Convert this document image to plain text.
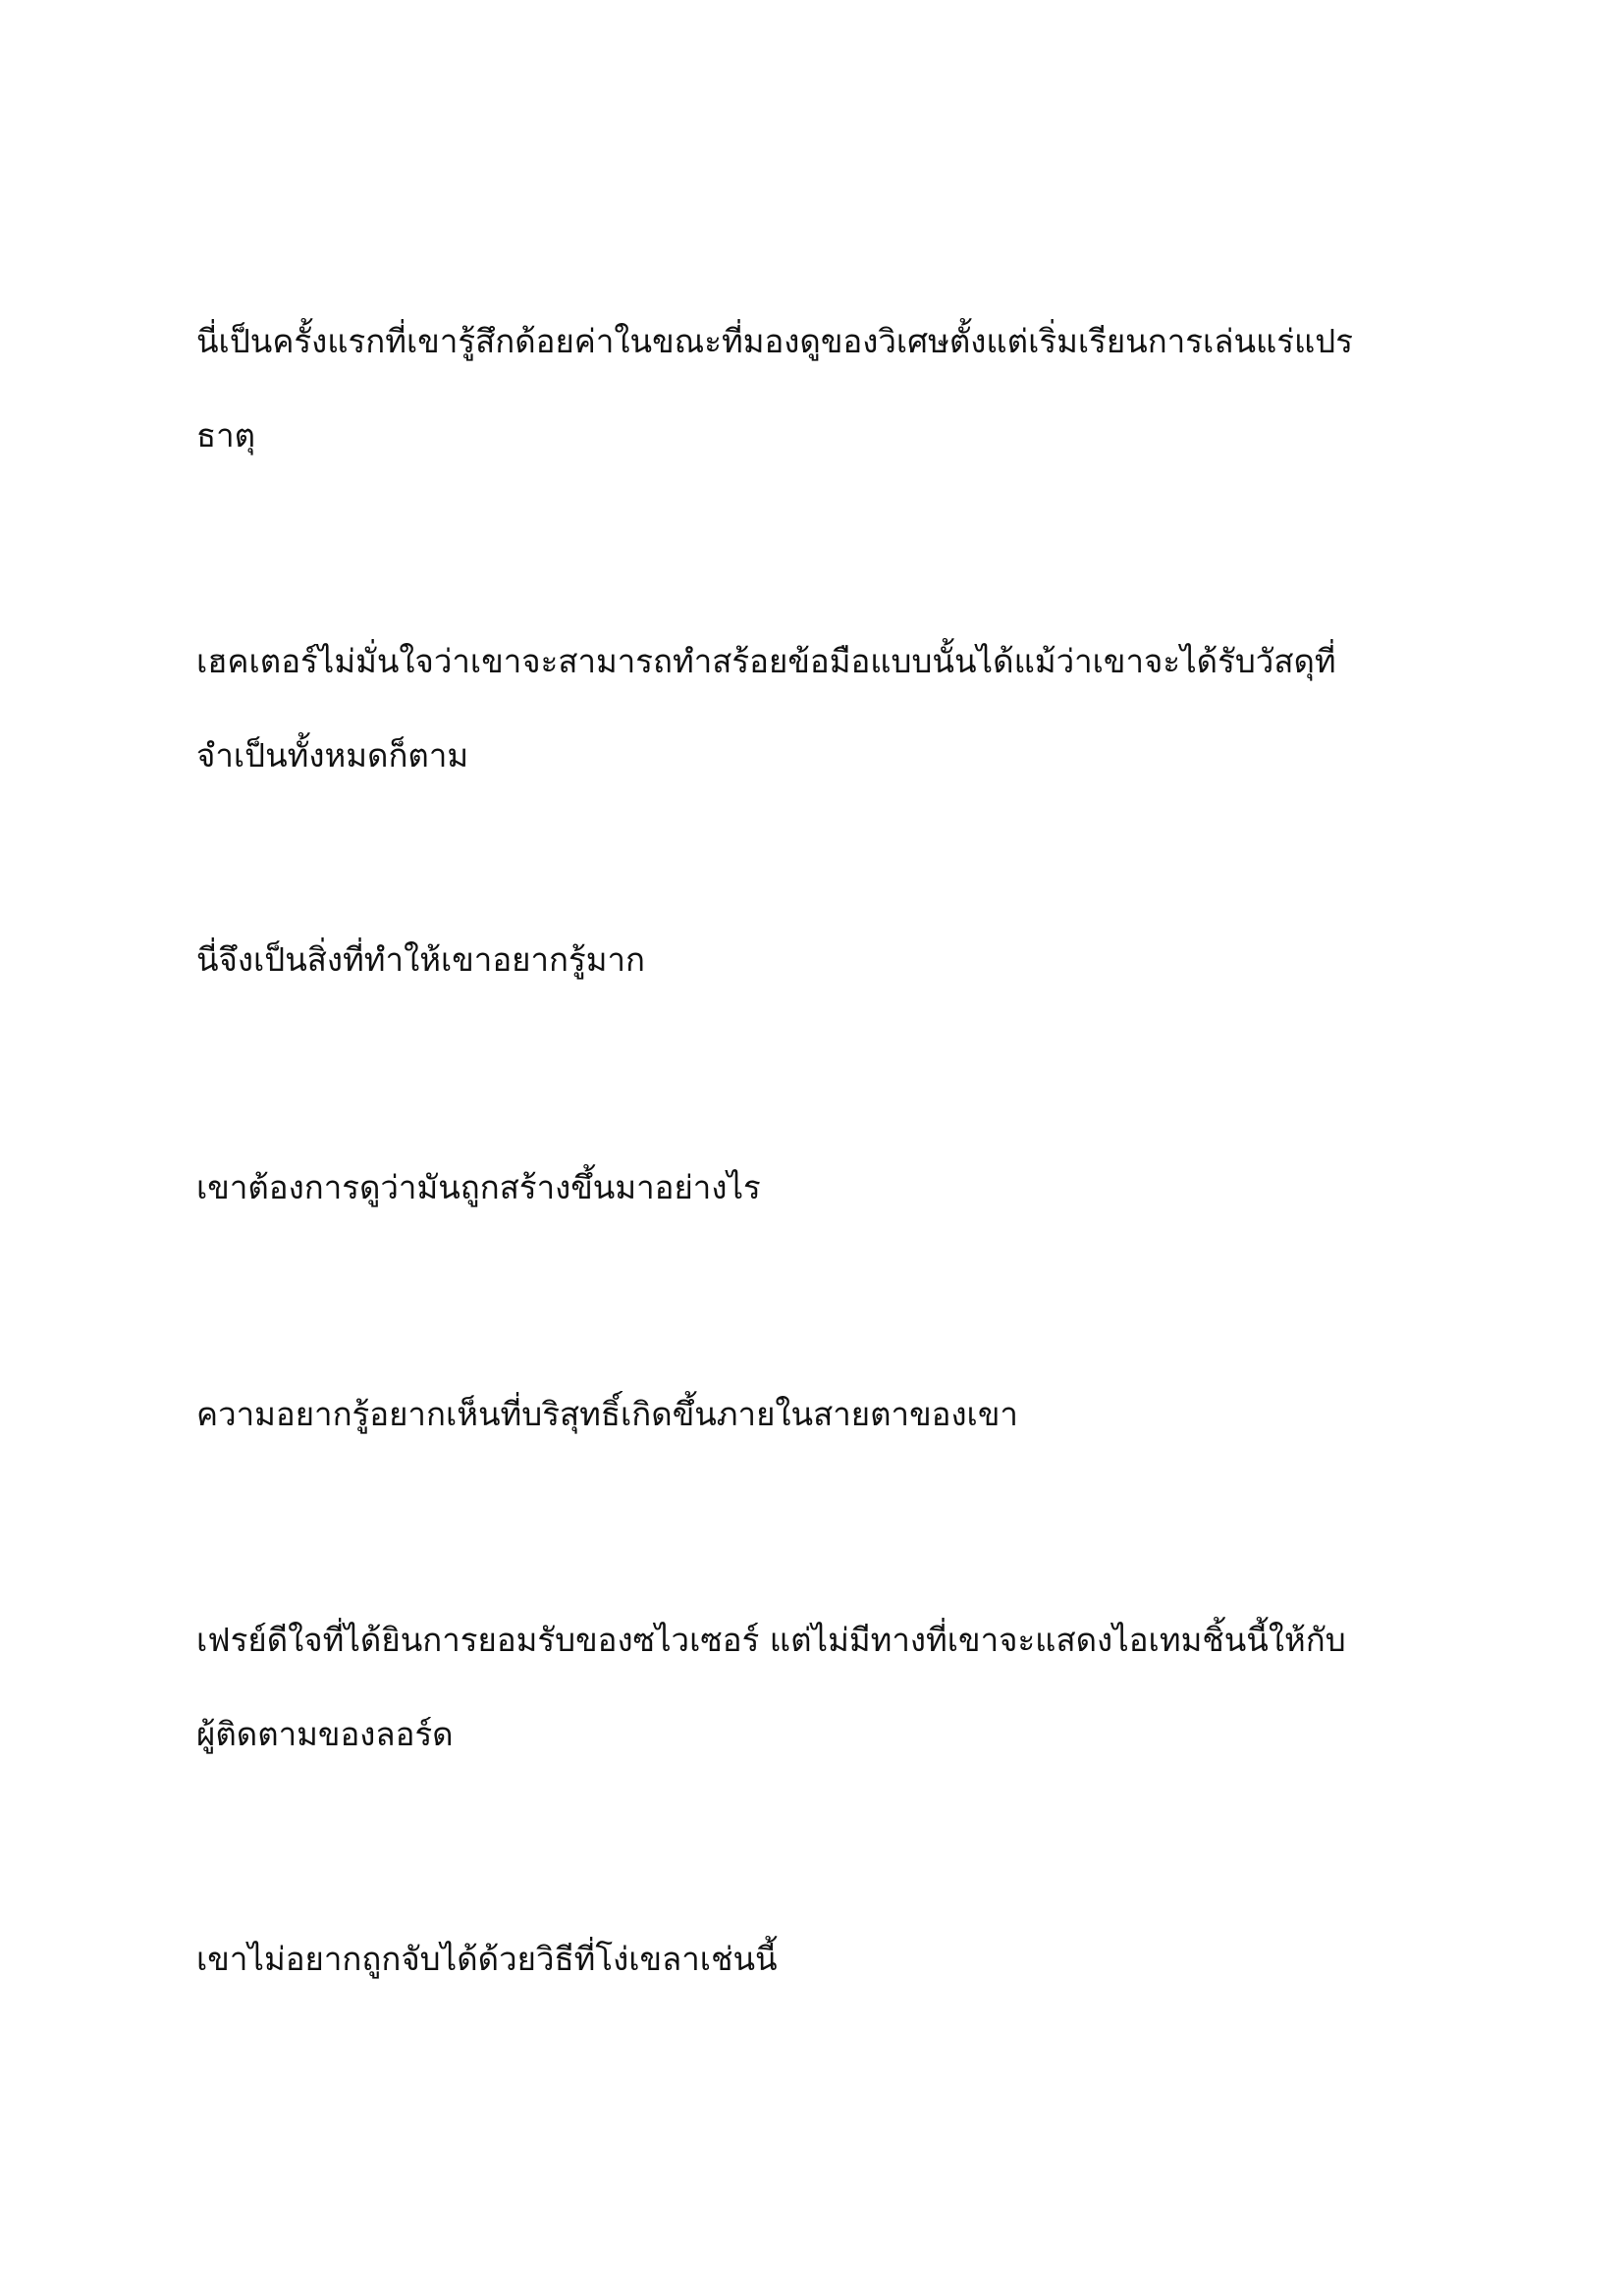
นี่เป็นครั้งแรกที่เขารู้สึกด้อยค่าในขณะที่มองดูของวิเศษตั้งแต่เริ่มเรียนการเล่นแร่แปร
ธาตุ

เฮคเตอร์ไม่มั่นใจว่าเขาจะสามารถทำสร้อยข้อมือแบบนั้นได้แม้ว่าเขาจะได้รับวัสดุที่
จำเป็นทั้งหมดก็ตาม

นี่จึงเป็นสิ่งที่ทำให้เขาอยากรู้มาก

เขาต้องการดูว่ามันถูกสร้างขึ้นมาอย่างไร

ความอยากรู้อยากเห็นที่บริสุทธิ์เกิดขึ้นภายในสายตาของเขา

เฟรย์ดีใจที่ได้ยินการยอมรับของซไวเซอร์ แต่ไม่มีทางที่เขาจะแสดงไอเทมชิ้นนี้ให้กับ
ผู้ติดตามของลอร์ด

เขาไม่อยากถูกจับได้ด้วยวิธีที่โง่เขลาเช่นนี้
